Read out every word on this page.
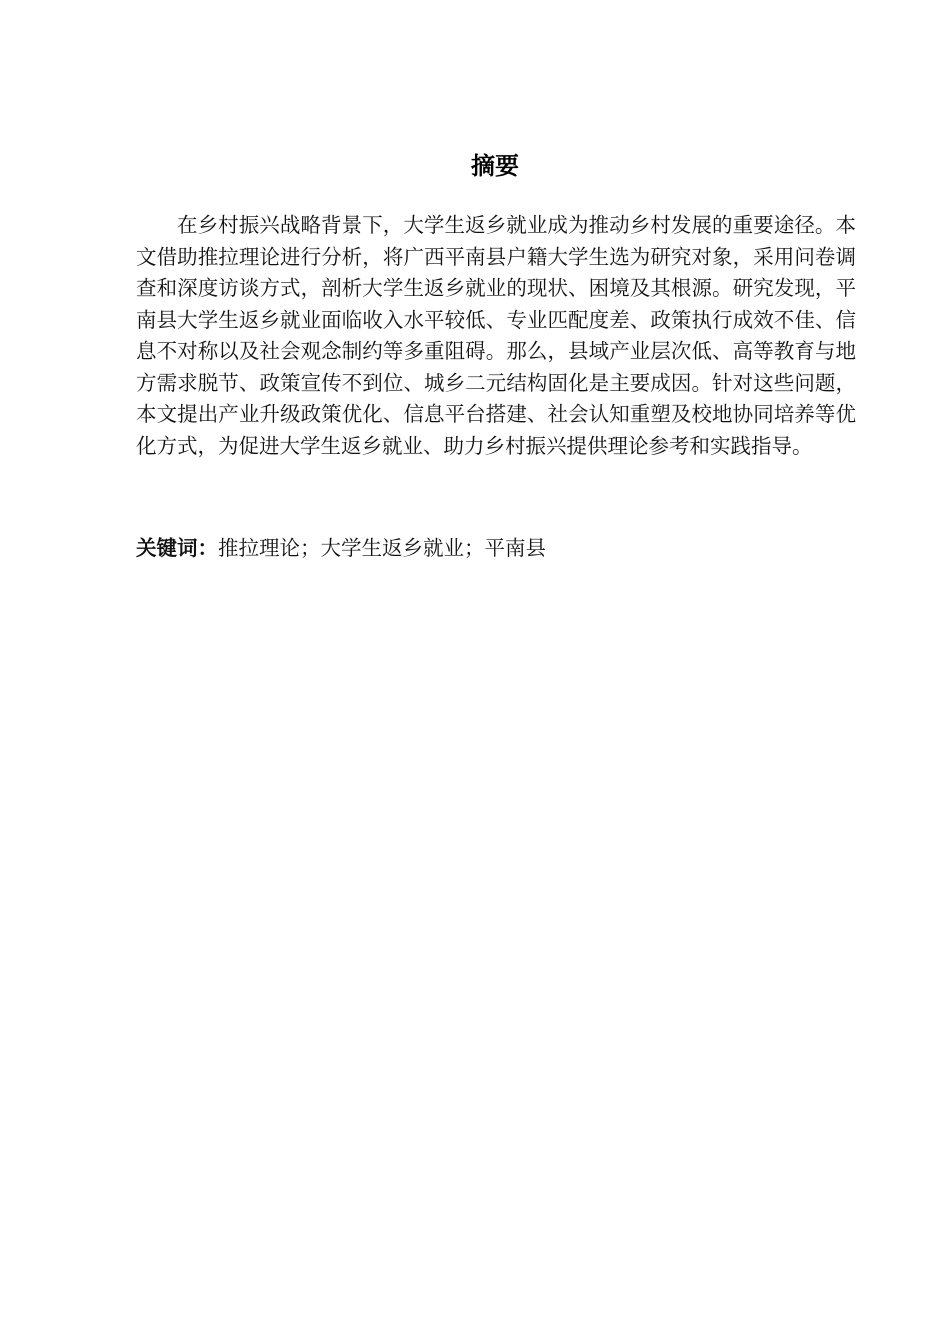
摘要

在乡村振兴战略背景下，大学生返乡就业成为推动乡村发展的重要途径。本文借助推拉理论进行分析，将广西平南县户籍大学生选为研究对象，采用问卷调查和深度访谈方式，剖析大学生返乡就业的现状、困境及其根源。研究发现，平南县大学生返乡就业面临收入水平较低、专业匹配度差、政策执行成效不佳、信息不对称以及社会观念制约等多重阻碍。那么，县域产业层次低、高等教育与地方需求脱节、政策宣传不到位、城乡二元结构固化是主要成因。针对这些问题，本文提出产业升级政策优化、信息平台搭建、社会认知重塑及校地协同培养等优化方式，为促进大学生返乡就业、助力乡村振兴提供理论参考和实践指导。

关键词：推拉理论；大学生返乡就业；平南县
